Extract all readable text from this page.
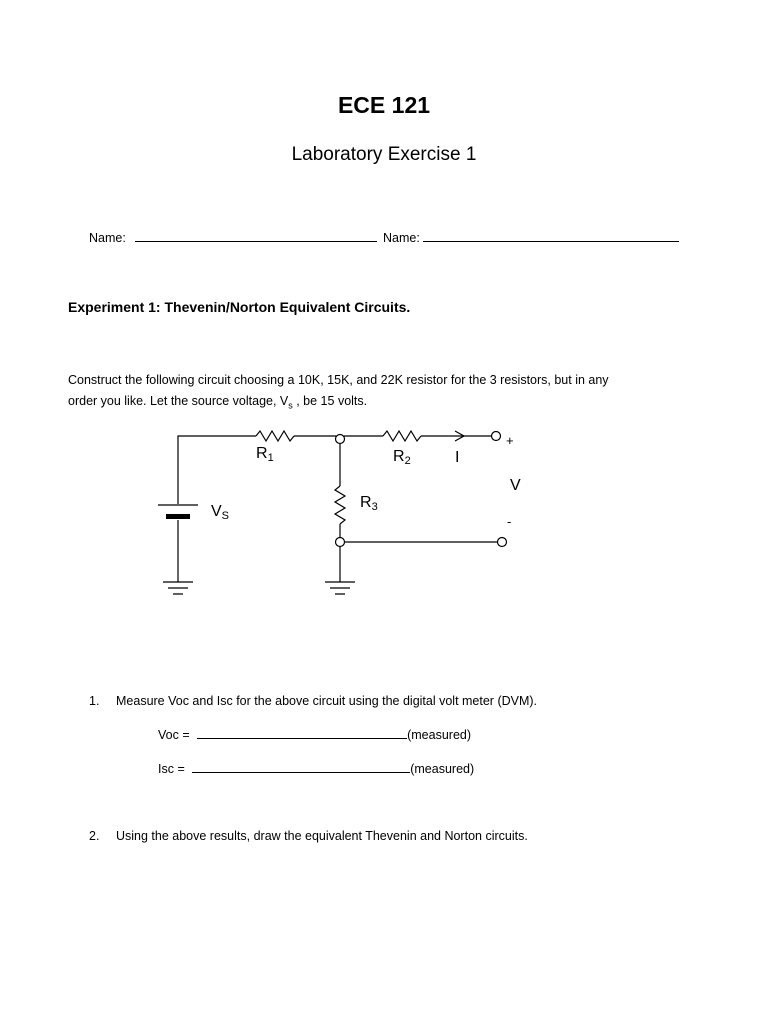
ECE 121
Laboratory Exercise 1
Name:	Name:
Experiment 1: Thevenin/Norton Equivalent Circuits.
Construct the following circuit choosing a 10K, 15K, and 22K resistor for the 3 resistors, but in any
order you like. Let the source voltage, $V_s$ , be 15 volts.
R1	R2
R3
VS
I
V
+
-
1. Measure Voc and Isc for the above circuit using the digital volt meter (DVM).
Voc =	(measured)
Isc =	(measured)
2. Using the above results, draw the equivalent Thevenin and Norton circuits.
